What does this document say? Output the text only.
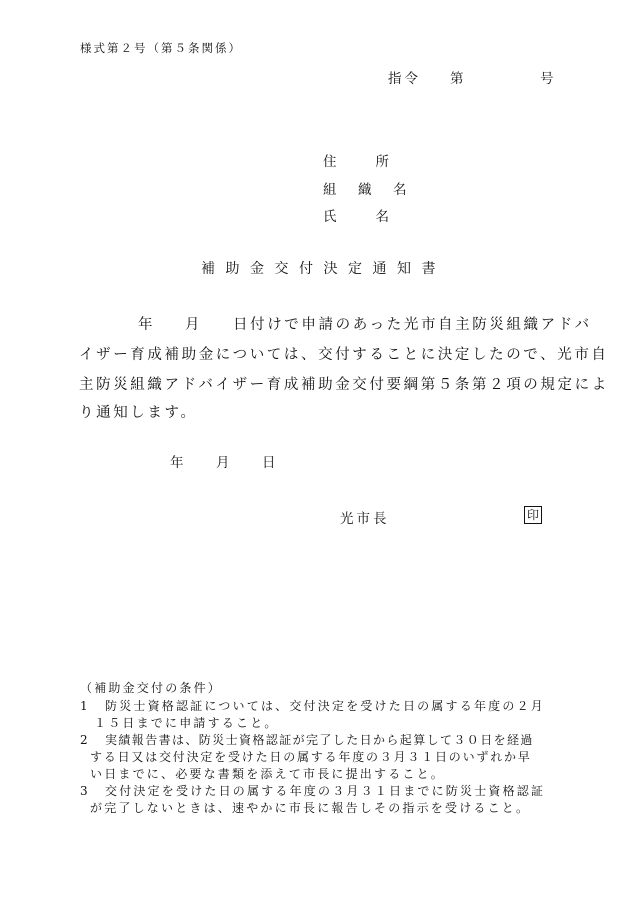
様式第２号（第５条関係）
指令 第	号
住　　所
組　織　名
氏　　名
補助金交付決定通知書
年 月 日付けで申請のあった光市自主防災組織アドバ
イザー育成補助金については、交付することに決定したので、光市自
主防災組織アドバイザー育成補助金交付要綱第５条第２項の規定によ
り通知します。
年 月 日
光市長	印
（補助金交付の条件）
1 防災士資格認証については、交付決定を受けた日の属する年度の２月
１５日までに申請すること。
2 実績報告書は、防災士資格認証が完了した日から起算して３０日を経過
する日又は交付決定を受けた日の属する年度の３月３１日のいずれか早
い日までに、必要な書類を添えて市長に提出すること。
3 交付決定を受けた日の属する年度の３月３１日までに防災士資格認証
が完了しないときは、速やかに市長に報告しその指示を受けること。
